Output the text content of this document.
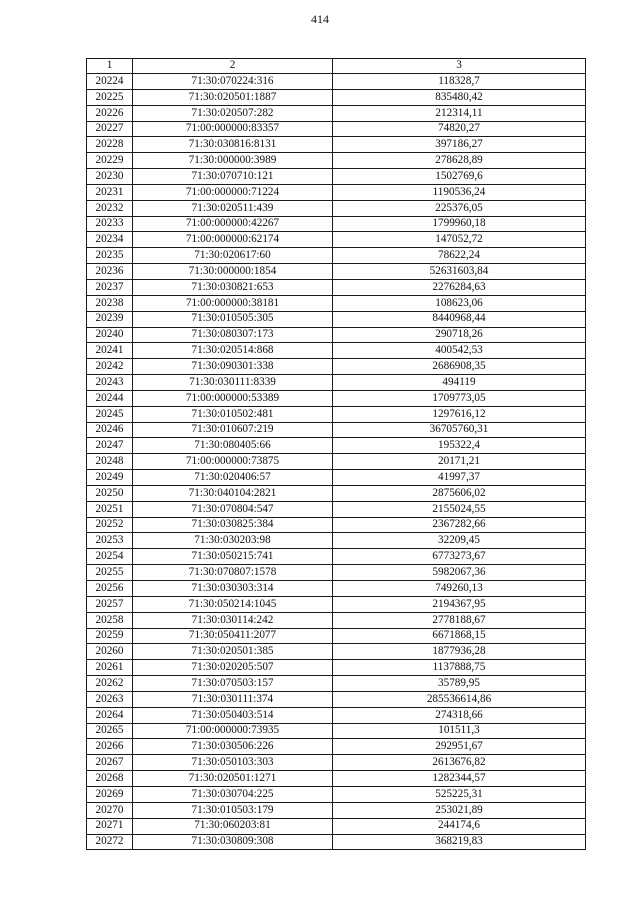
414
1	2	3
20224	71:30:070224:316	118328,7
20225	71:30:020501:1887	835480,42
20226	71:30:020507:282	212314,11
20227	71:00:000000:83357	74820,27
20228	71:30:030816:8131	397186,27
20229	71:30:000000:3989	278628,89
20230	71:30:070710:121	1502769,6
20231	71:00:000000:71224	1190536,24
20232	71:30:020511:439	225376,05
20233	71:00:000000:42267	1799960,18
20234	71:00:000000:62174	147052,72
20235	71:30:020617:60	78622,24
20236	71:30:000000:1854	52631603,84
20237	71:30:030821:653	2276284,63
20238	71:00:000000:38181	108623,06
20239	71:30:010505:305	8440968,44
20240	71:30:080307:173	290718,26
20241	71:30:020514:868	400542,53
20242	71:30:090301:338	2686908,35
20243	71:30:030111:8339	494119
20244	71:00:000000:53389	1709773,05
20245	71:30:010502:481	1297616,12
20246	71:30:010607:219	36705760,31
20247	71:30:080405:66	195322,4
20248	71:00:000000:73875	20171,21
20249	71:30:020406:57	41997,37
20250	71:30:040104:2821	2875606,02
20251	71:30:070804:547	2155024,55
20252	71:30:030825:384	2367282,66
20253	71:30:030203:98	32209,45
20254	71:30:050215:741	6773273,67
20255	71:30:070807:1578	5982067,36
20256	71:30:030303:314	749260,13
20257	71:30:050214:1045	2194367,95
20258	71:30:030114:242	2778188,67
20259	71:30:050411:2077	6671868,15
20260	71:30:020501:385	1877936,28
20261	71:30:020205:507	1137888,75
20262	71:30:070503:157	35789,95
20263	71:30:030111:374	285536614,86
20264	71:30:050403:514	274318,66
20265	71:00:000000:73935	101511,3
20266	71:30:030506:226	292951,67
20267	71:30:050103:303	2613676,82
20268	71:30:020501:1271	1282344,57
20269	71:30:030704:225	525225,31
20270	71:30:010503:179	253021,89
20271	71:30:060203:81	244174,6
20272	71:30:030809:308	368219,83
